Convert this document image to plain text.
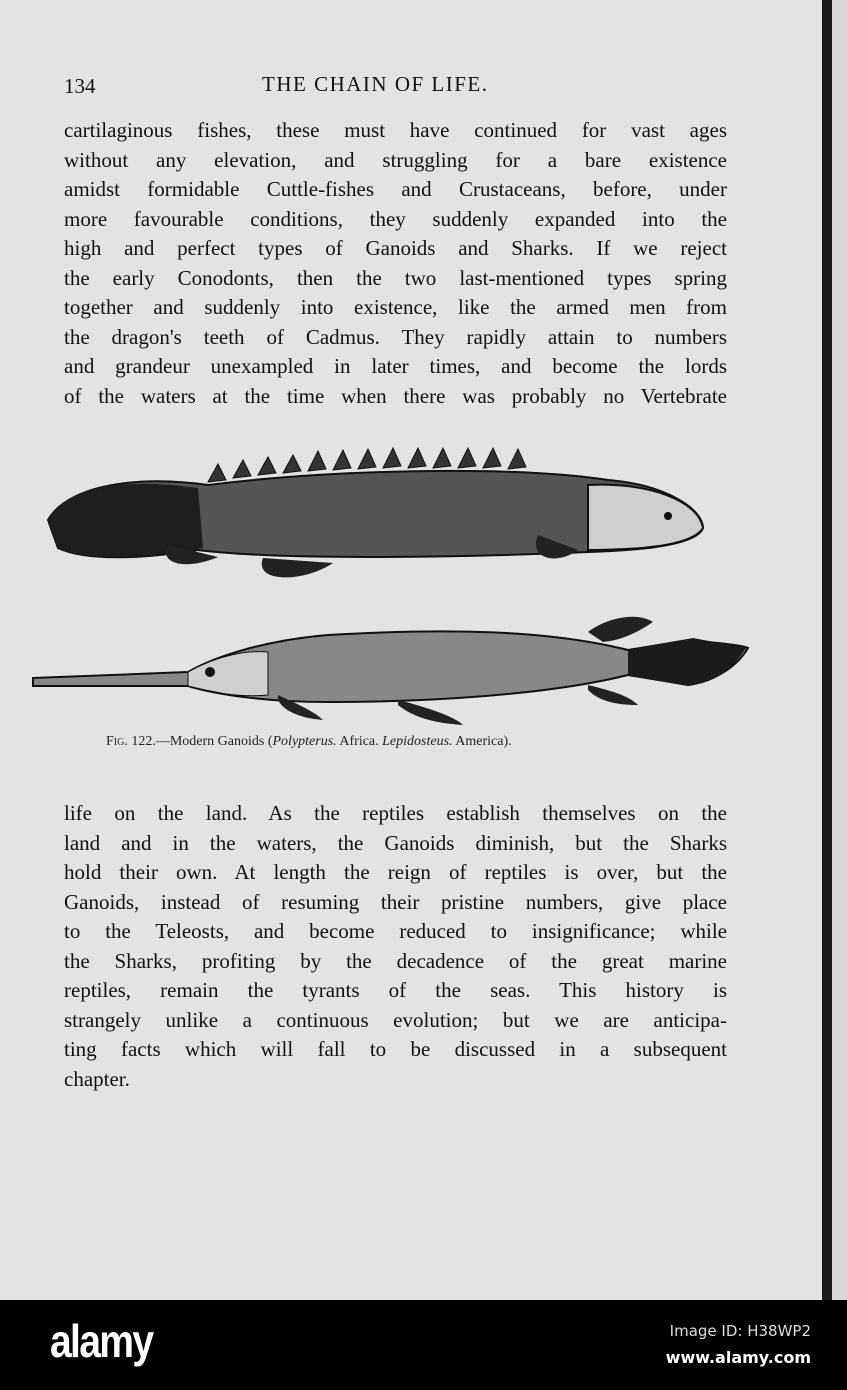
134	THE CHAIN OF LIFE.
cartilaginous fishes, these must have continued for vast ages
without any elevation, and struggling for a bare existence
amidst formidable Cuttle-fishes and Crustaceans, before, under
more favourable conditions, they suddenly expanded into the
high and perfect types of Ganoids and Sharks. If we reject
the early Conodonts, then the two last-mentioned types spring
together and suddenly into existence, like the armed men from
the dragon's teeth of Cadmus. They rapidly attain to numbers
and grandeur unexampled in later times, and become the lords
of the waters at the time when there was probably no Vertebrate
Fig. 122.—Modern Ganoids (Polypterus. Africa. Lepidosteus. America).
life on the land. As the reptiles establish themselves on the
land and in the waters, the Ganoids diminish, but the Sharks
hold their own. At length the reign of reptiles is over, but the
Ganoids, instead of resuming their pristine numbers, give place
to the Teleosts, and become reduced to insignificance; while
the Sharks, profiting by the decadence of the great marine
reptiles, remain the tyrants of the seas. This history is
strangely unlike a continuous evolution; but we are anticipa-
ting facts which will fall to be discussed in a subsequent
chapter.
alamy	Image ID: H38WP2
www.alamy.com
